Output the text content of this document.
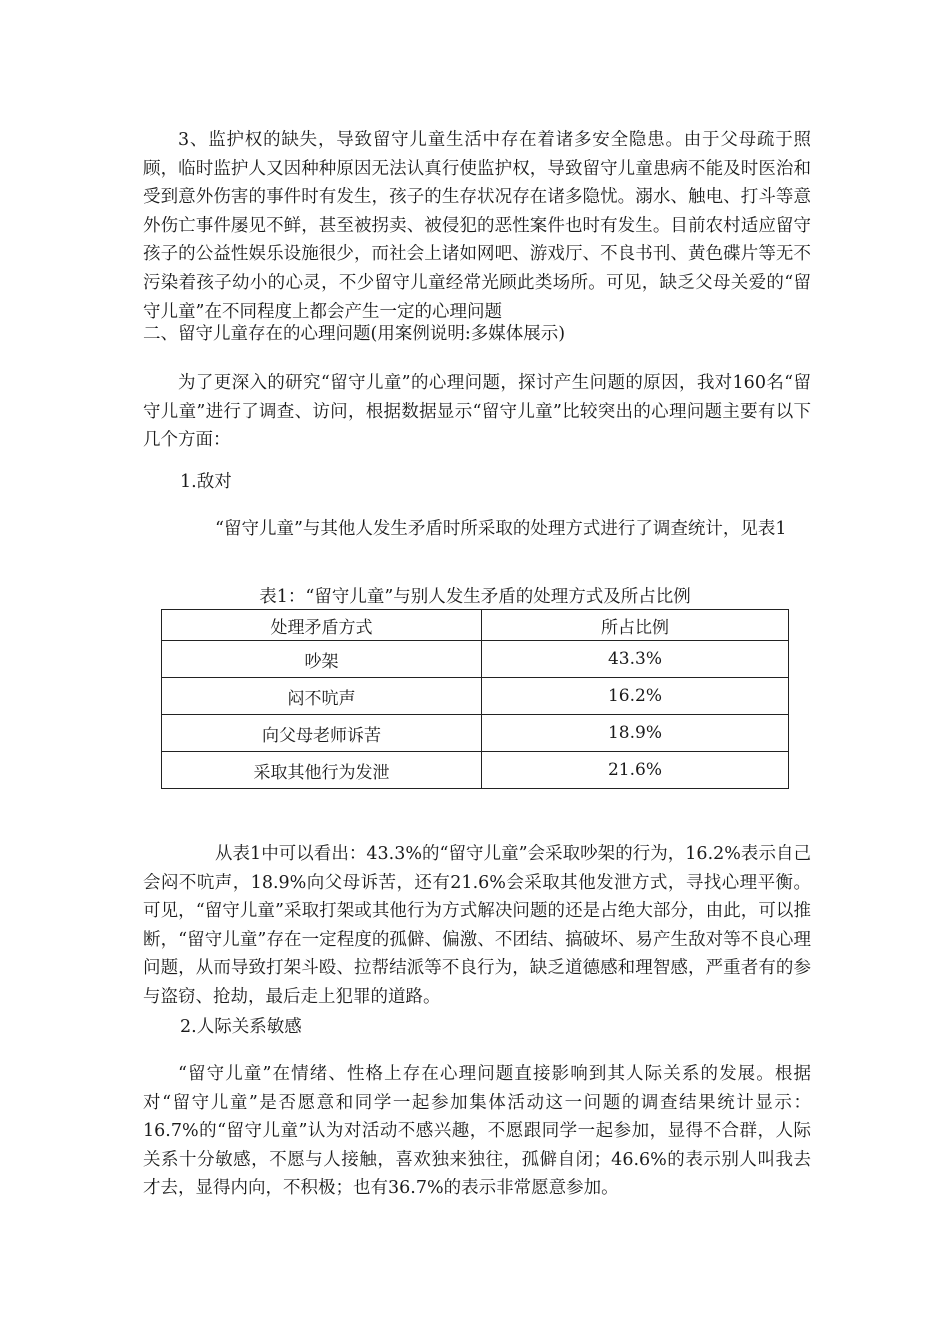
3、监护权的缺失，导致留守儿童生活中存在着诸多安全隐患。由于父母疏于照顾，临时监护人又因种种原因无法认真行使监护权，导致留守儿童患病不能及时医治和受到意外伤害的事件时有发生，孩子的生存状况存在诸多隐忧。溺水、触电、打斗等意外伤亡事件屡见不鲜，甚至被拐卖、被侵犯的恶性案件也时有发生。目前农村适应留守孩子的公益性娱乐设施很少，而社会上诸如网吧、游戏厅、不良书刊、黄色碟片等无不污染着孩子幼小的心灵，不少留守儿童经常光顾此类场所。可见，缺乏父母关爱的“留守儿童”在不同程度上都会产生一定的心理问题

二、留守儿童存在的心理问题(用案例说明:多媒体展示)

为了更深入的研究“留守儿童”的心理问题，探讨产生问题的原因，我对160名“留守儿童”进行了调查、访问，根据数据显示“留守儿童”比较突出的心理问题主要有以下几个方面：

1.敌对

“留守儿童”与其他人发生矛盾时所采取的处理方式进行了调查统计，见表1

表1：“留守儿童”与别人发生矛盾的处理方式及所占比例

处理矛盾方式	所占比例
吵架	43.3%
闷不吭声	16.2%
向父母老师诉苦	18.9%
采取其他行为发泄	21.6%

从表1中可以看出：43.3%的“留守儿童”会采取吵架的行为，16.2%表示自己会闷不吭声，18.9%向父母诉苦，还有21.6%会采取其他发泄方式，寻找心理平衡。可见，“留守儿童”采取打架或其他行为方式解决问题的还是占绝大部分，由此，可以推断，“留守儿童”存在一定程度的孤僻、偏激、不团结、搞破坏、易产生敌对等不良心理问题，从而导致打架斗殴、拉帮结派等不良行为，缺乏道德感和理智感，严重者有的参与盗窃、抢劫，最后走上犯罪的道路。

2.人际关系敏感

“留守儿童”在情绪、性格上存在心理问题直接影响到其人际关系的发展。根据对“留守儿童”是否愿意和同学一起参加集体活动这一问题的调查结果统计显示：16.7%的“留守儿童”认为对活动不感兴趣，不愿跟同学一起参加，显得不合群，人际关系十分敏感，不愿与人接触，喜欢独来独往，孤僻自闭；46.6%的表示别人叫我去才去，显得内向，不积极；也有36.7%的表示非常愿意参加。
